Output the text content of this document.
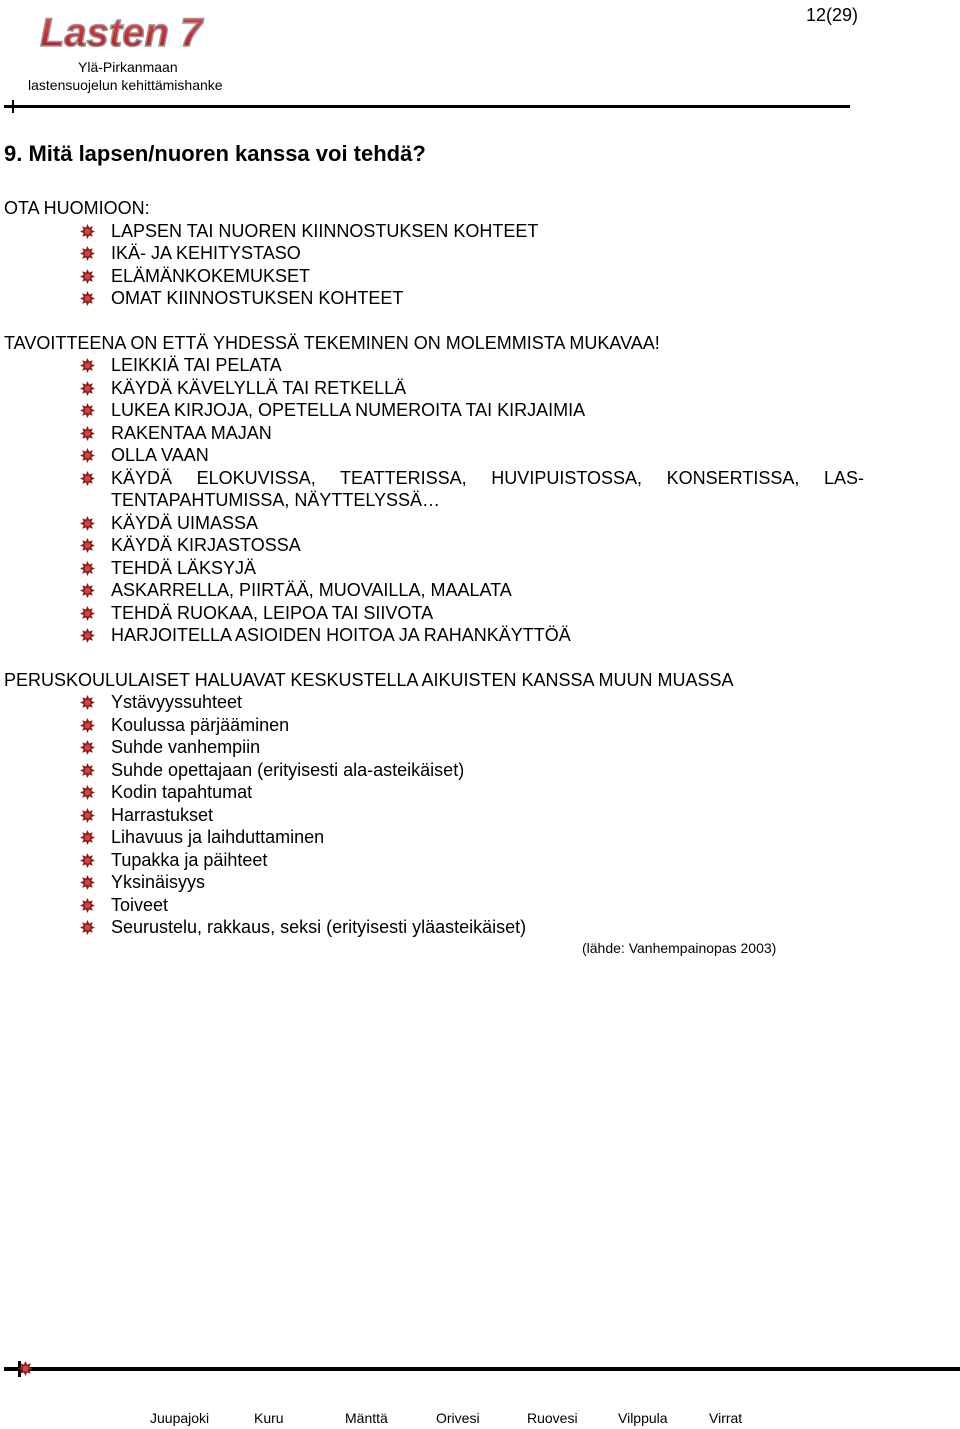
Lasten 7
Ylä-Pirkanmaan
lastensuojelun kehittämishanke
12(29)
9. Mitä lapsen/nuoren kanssa voi tehdä?

OTA HUOMIOON:

LAPSEN TAI NUOREN KIINNOSTUKSEN KOHTEET
IKÄ- JA KEHITYSTASO
ELÄMÄNKOKEMUKSET
OMAT KIINNOSTUKSEN KOHTEET

TAVOITTEENA ON ETTÄ YHDESSÄ TEKEMINEN ON MOLEMMISTA MUKAVAA!

LEIKKIÄ TAI PELATA
KÄYDÄ KÄVELYLLÄ TAI RETKELLÄ
LUKEA KIRJOJA, OPETELLA NUMEROITA TAI KIRJAIMIA
RAKENTAA MAJAN
OLLA VAAN
KÄYDÄ ELOKUVISSA, TEATTERISSA, HUVIPUISTOSSA, KONSERTISSA, LAS-TENTAPAHTUMISSA, NÄYTTELYSSÄ…
KÄYDÄ UIMASSA
KÄYDÄ KIRJASTOSSA
TEHDÄ LÄKSYJÄ
ASKARRELLA, PIIRTÄÄ, MUOVAILLA, MAALATA
TEHDÄ RUOKAA, LEIPOA TAI SIIVOTA
HARJOITELLA ASIOIDEN HOITOA JA RAHANKÄYTTÖÄ

PERUSKOULULAISET HALUAVAT KESKUSTELLA AIKUISTEN KANSSA MUUN MUASSA

Ystävyyssuhteet
Koulussa pärjääminen
Suhde vanhempiin
Suhde opettajaan (erityisesti ala-asteikäiset)
Kodin tapahtumat
Harrastukset
Lihavuus ja laihduttaminen
Tupakka ja päihteet
Yksinäisyys
Toiveet
Seurustelu, rakkaus, seksi (erityisesti yläasteikäiset)
(lähde: Vanhempainopas 2003)
Juupajoki	Kuru	Mänttä	Orivesi	Ruovesi	Vilppula	Virrat
